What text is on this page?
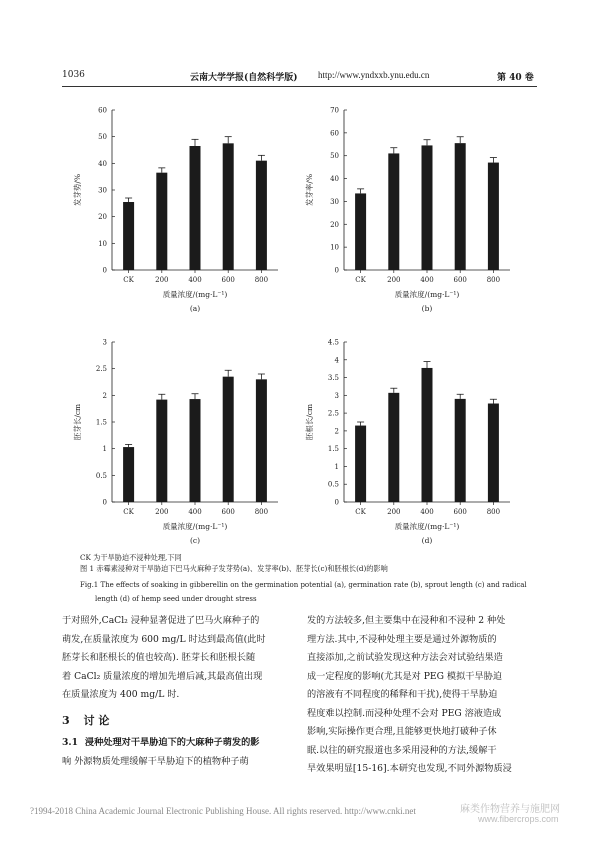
1036	云南大学学报(自然科学版) http://www.yndxxb.ynu.edu.cn	第 40 卷
0
10
20
30
40
50
60
CK	200	400	600	800
发芽势/%
质量浓度/(mg·L⁻¹)
(a)
0
10
20
30
40
50
60
70
CK	200	400	600	800
发芽率/%
质量浓度/(mg·L⁻¹)
(b)
0
0.5
1
1.5
2
2.5
3
CK	200	400	600	800
胚芽长/cm
质量浓度/(mg·L⁻¹)
(c)
0
0.5
1
1.5
2
2.5
3
3.5
4
4.5
CK	200	400	600	800
胚根长/cm
质量浓度/(mg·L⁻¹)
(d)
CK 为干旱胁迫不浸种处理,下同
图 1 赤霉素浸种对干旱胁迫下巴马火麻种子发芽势(a)、发芽率(b)、胚芽长(c)和胚根长(d)的影响
Fig.1 The effects of soaking in gibberellin on the germination potential (a), germination rate (b), sprout length (c) and radical
length (d) of hemp seed under drought stress
于对照外,CaCl₂ 浸种显著促进了巴马火麻种子的
萌发,在质量浓度为 600 mg/L 时达到最高值(此时
胚芽长和胚根长的值也较高). 胚芽长和胚根长随
着 CaCl₂ 质量浓度的增加先增后减,其最高值出现
在质量浓度为 400 mg/L 时.
3 讨 论
3.1 浸种处理对干旱胁迫下的大麻种子萌发的影
响 外源物质处理缓解干旱胁迫下的植物种子萌
发的方法较多,但主要集中在浸种和不浸种 2 种处
理方法.其中,不浸种处理主要是通过外源物质的
直接添加,之前试验发现这种方法会对试验结果造
成一定程度的影响(尤其是对 PEG 模拟干旱胁迫
的溶液有不同程度的稀释和干扰),使得干旱胁迫
程度难以控制.而浸种处理不会对 PEG 溶液造成
影响,实际操作更合理,且能够更快地打破种子休
眠.以往的研究报道也多采用浸种的方法,缓解干
旱效果明显[15-16].本研究也发现,不同外源物质浸
?1994-2018 China Academic Journal Electronic Publishing House. All rights reserved. http://www.cnki.net	麻类作物营养与施肥网
www.fibercrops.com
